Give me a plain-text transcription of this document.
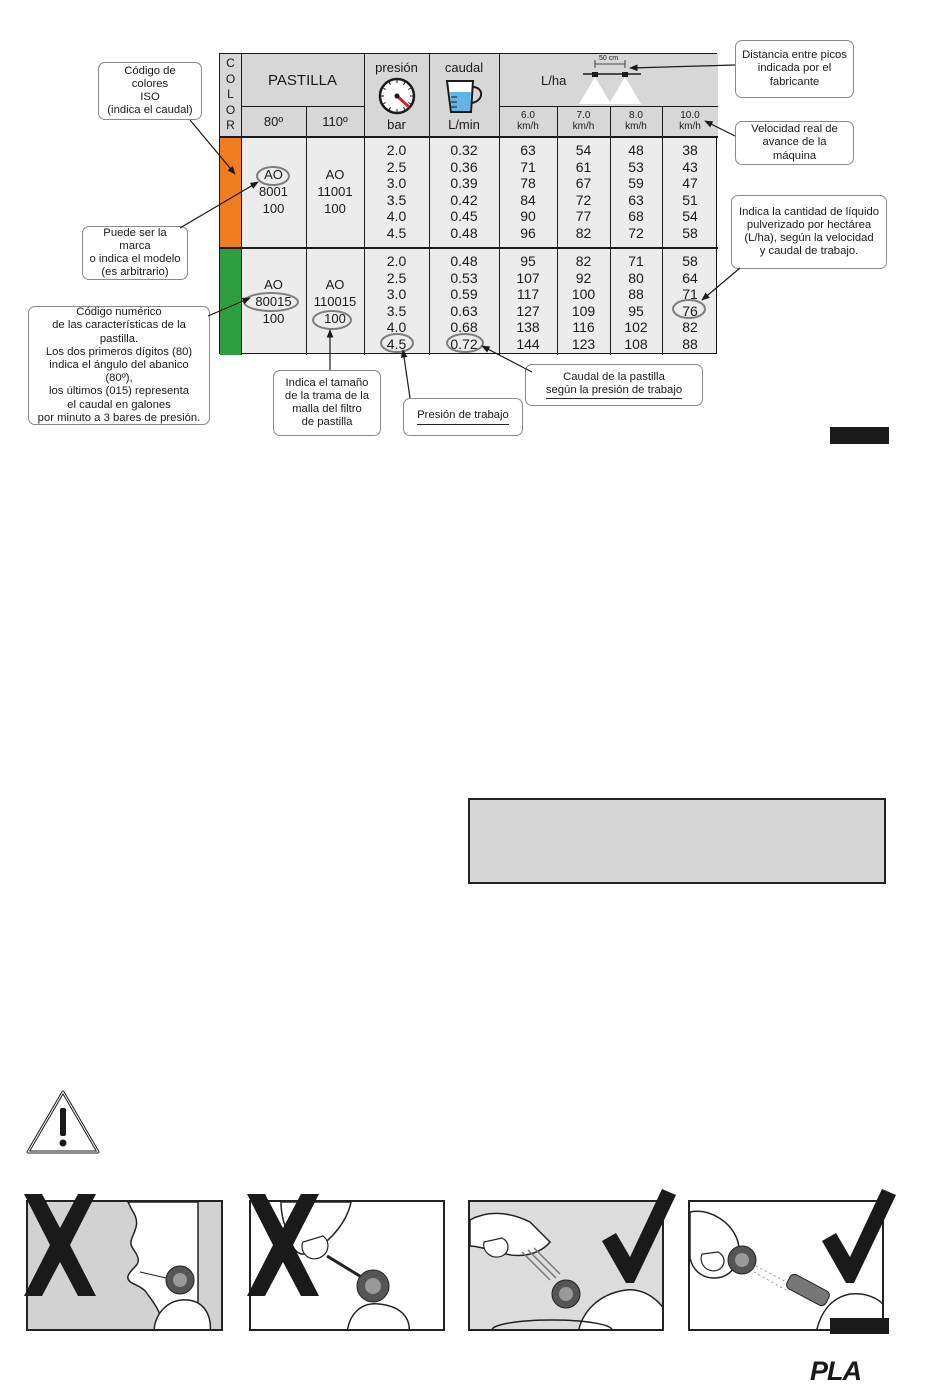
C
O
L
O
R
PASTILLA
80º	110º
presión
bar
caudal
L/min
L/ha
50 cm
6.0
km/h
7.0
km/h
8.0
km/h
10.0
km/h
AO
8001
100
AO
11001
100
2.0
2.5
3.0
3.5
4.0
4.5
0.32
0.36
0.39
0.42
0.45
0.48
63
71
78
84
90
96
54
61
67
72
77
82
48
53
59
63
68
72
38
43
47
51
54
58
AO
80015
100
AO
110015
100
2.0
2.5
3.0
3.5
4.0
4.5
0.48
0.53
0.59
0.63
0.68
0.72
95
107
117
127
138
144
82
92
100
109
116
123
71
80
88
95
102
108
58
64
71
76
82
88
Código de colores
ISO
(indica el caudal)
Puede ser la marca
o indica el modelo
(es arbitrario)
Código numérico
de las características de la pastilla.
Los dos primeros dígitos (80)
indica el ángulo del abanico (80º),
los últimos (015) representa
el caudal en galones
por minuto a 3 bares de presión.
Indica el tamaño
de la trama de la
malla del filtro
de pastilla
Presión de trabajo
Caudal de la pastilla
según la presión de trabajo
Distancia entre picos
indicada por el
fabricante
Velocidad real de
avance de la máquina
Indica la cantidad de líquido
pulverizado por hectárea
(L/ha), según la velocidad
y caudal de trabajo.
PLA
